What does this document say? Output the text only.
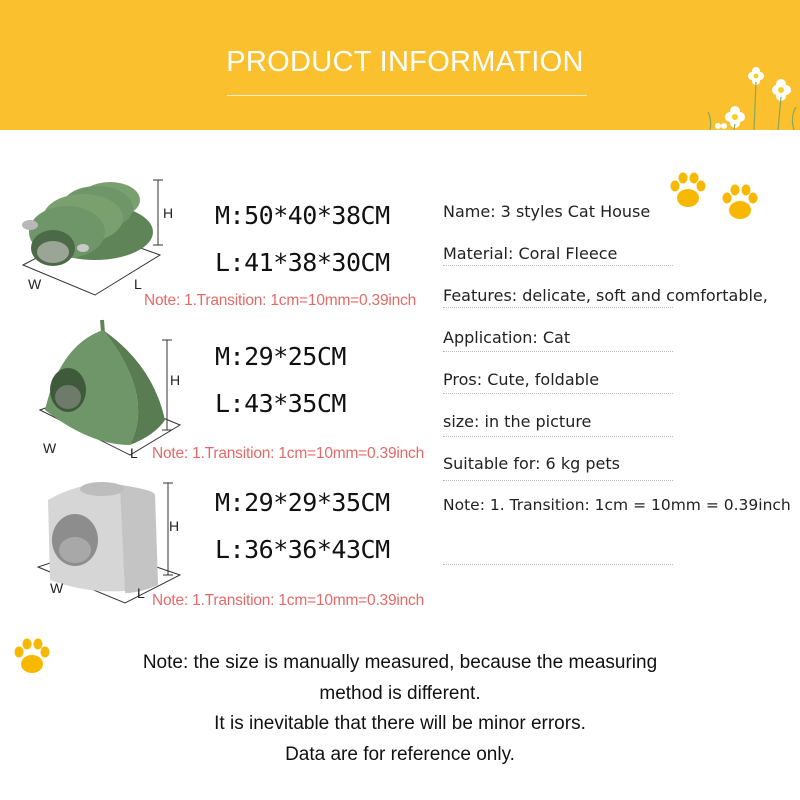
PRODUCT INFORMATION
H
W	L
M:50*40*38CM
L:41*38*30CM
Note: 1.Transition: 1cm=10mm=0.39inch
H
W	L
M:29*25CM
L:43*35CM
Note: 1.Transition: 1cm=10mm=0.39inch
H
W	L
M:29*29*35CM
L:36*36*43CM
Note: 1.Transition: 1cm=10mm=0.39inch
Name: 3 styles Cat House
Material: Coral Fleece
Features: delicate, soft and comfortable,
Application: Cat
Pros: Cute, foldable
size: in the picture
Suitable for: 6 kg pets
Note: 1. Transition: 1cm = 10mm = 0.39inch
Note: the size is manually measured, because the measuring
method is different.
It is inevitable that there will be minor errors.
Data are for reference only.
